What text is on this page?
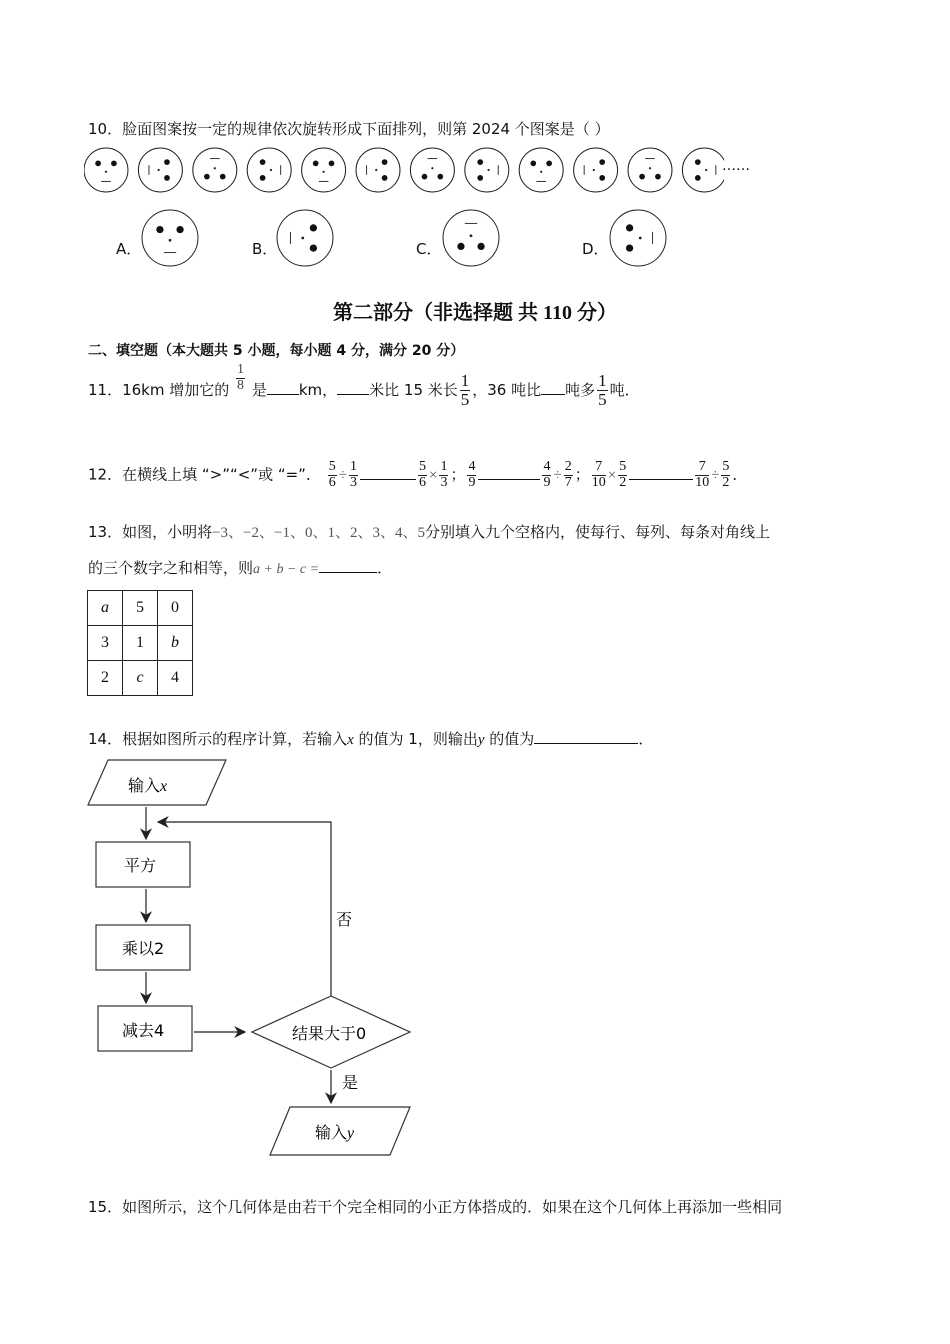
10．脸面图案按一定的规律依次旋转形成下面排列，则第 2024 个图案是（ ）
……
A．	B．	C．	D．
第二部分（非选择题 共 110 分）
二、填空题（本大题共 5 小题，每小题 4 分，满分 20 分）
11．16km 增加它的 $\frac{1}{8}$ 是 km， 米比 15 米长 $\frac{1}{5}$ ，36 吨比 吨多 $\frac{1}{5}$ 吨．
12．在横线上填 “>”“<”或 “=”． $\frac{5}{6} \div \frac{1}{3}$	$\frac{5}{6} \times \frac{1}{3}$ ； $\frac{4}{9}$	$\frac{4}{9} \div \frac{2}{7}$ ； $\frac{7}{10} \times \frac{5}{2}$	$\frac{7}{10} \div \frac{5}{2}$ ．
13．如图，小明将−3、−2、−1、0、1、2、3、4、5分别填入九个空格内，使每行、每列、每条对角线上
的三个数字之和相等，则a + b − c =	．
a	5	0
3	1	b
2	c	4
14．根据如图所示的程序计算，若输入x 的值为 1，则输出y 的值为	．
输入x
平方
乘以2
减去4	结果大于0
否
是
输入y
15．如图所示，这个几何体是由若干个完全相同的小正方体搭成的．如果在这个几何体上再添加一些相同
